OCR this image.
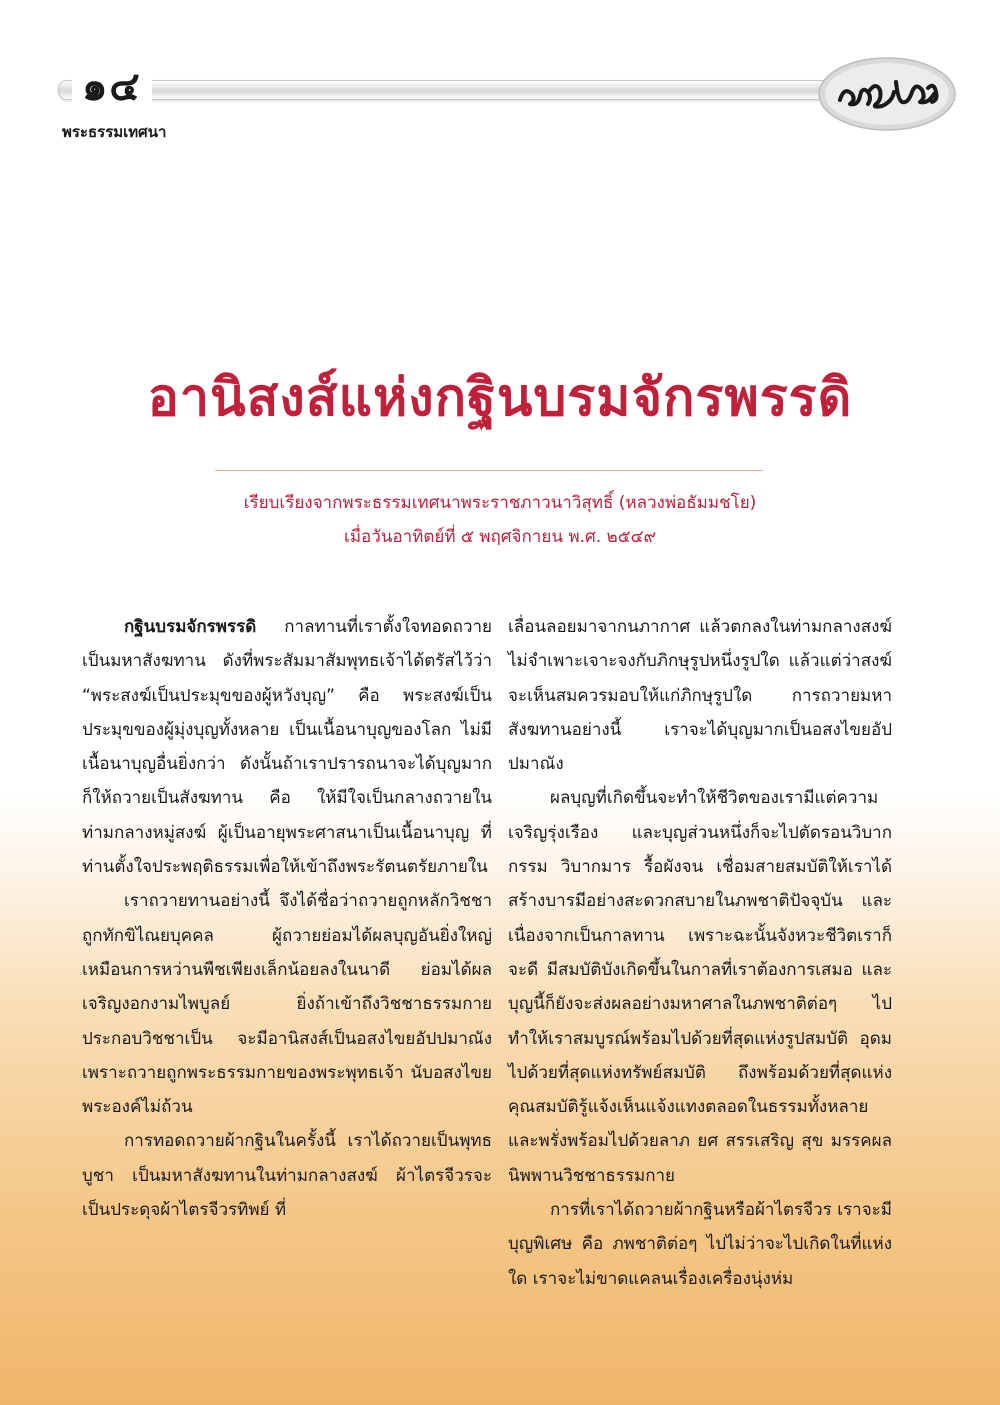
๑๔
พระธรรมเทศนา
อานิสงส์แห่งกฐินบรมจักรพรรดิ
เรียบเรียงจากพระธรรมเทศนาพระราชภาวนาวิสุทธิ์ (หลวงพ่อธัมมชโย)
เมื่อวันอาทิตย์ที่ ๕ พฤศจิกายน พ.ศ. ๒๕๔๙

กฐินบรมจักรพรรดิ กาลทานที่เราตั้งใจทอดถวายเป็นมหาสังฆทาน ดังที่พระสัมมาสัมพุทธเจ้าได้ตรัสไว้ว่า “พระสงฆ์เป็นประมุขของผู้หวังบุญ” คือ พระสงฆ์เป็นประมุขของผู้มุ่งบุญทั้งหลาย เป็นเนื้อนาบุญของโลก ไม่มีเนื้อนาบุญอื่นยิ่งกว่า ดังนั้นถ้าเราปรารถนาจะได้บุญมาก ก็ให้ถวายเป็นสังฆทาน คือ ให้มีใจเป็นกลางถวายในท่ามกลางหมู่สงฆ์ ผู้เป็นอายุพระศาสนาเป็นเนื้อนาบุญ ที่ท่านตั้งใจประพฤติธรรมเพื่อให้เข้าถึงพระรัตนตรัยภายใน

เราถวายทานอย่างนี้ จึงได้ชื่อว่าถวายถูกหลักวิชชา ถูกทักขิไณยบุคคล ผู้ถวายย่อมได้ผลบุญอันยิ่งใหญ่ เหมือนการหว่านพืชเพียงเล็กน้อยลงในนาดี ย่อมได้ผลเจริญงอกงามไพบูลย์ ยิ่งถ้าเข้าถึงวิชชาธรรมกาย ประกอบวิชชาเป็น จะมีอานิสงส์เป็นอสงไขยอัปปมาณัง เพราะถวายถูกพระธรรมกายของพระพุทธเจ้า นับอสงไขยพระองค์ไม่ถ้วน

การทอดถวายผ้ากฐินในครั้งนี้ เราได้ถวายเป็นพุทธบูชา เป็นมหาสังฆทานในท่ามกลางสงฆ์ ผ้าไตรจีวรจะเป็นประดุจผ้าไตรจีวรทิพย์ ที่

เลื่อนลอยมาจากนภากาศ แล้วตกลงในท่ามกลางสงฆ์ ไม่จำเพาะเจาะจงกับภิกษุรูปหนึ่งรูปใด แล้วแต่ว่าสงฆ์จะเห็นสมควรมอบให้แก่ภิกษุรูปใด การถวายมหาสังฆทานอย่างนี้ เราจะได้บุญมากเป็นอสงไขยอัปปมาณัง

ผลบุญที่เกิดขึ้นจะทำให้ชีวิตของเรามีแต่ความเจริญรุ่งเรือง และบุญส่วนหนึ่งก็จะไปตัดรอนวิบากกรรม วิบากมาร รื้อผังจน เชื่อมสายสมบัติให้เราได้สร้างบารมีอย่างสะดวกสบายในภพชาติปัจจุบัน และเนื่องจากเป็นกาลทาน เพราะฉะนั้นจังหวะชีวิตเราก็จะดี มีสมบัติบังเกิดขึ้นในกาลที่เราต้องการเสมอ และบุญนี้ก็ยังจะส่งผลอย่างมหาศาลในภพชาติต่อๆ ไป ทำให้เราสมบูรณ์พร้อมไปด้วยที่สุดแห่งรูปสมบัติ อุดมไปด้วยที่สุดแห่งทรัพย์สมบัติ ถึงพร้อมด้วยที่สุดแห่งคุณสมบัติรู้แจ้งเห็นแจ้งแทงตลอดในธรรมทั้งหลาย และพรั่งพร้อมไปด้วยลาภ ยศ สรรเสริญ สุข มรรคผลนิพพานวิชชาธรรมกาย

การที่เราได้ถวายผ้ากฐินหรือผ้าไตรจีวร เราจะมีบุญพิเศษ คือ ภพชาติต่อๆ ไปไม่ว่าจะไปเกิดในที่แห่งใด เราจะไม่ขาดแคลนเรื่องเครื่องนุ่งห่ม
